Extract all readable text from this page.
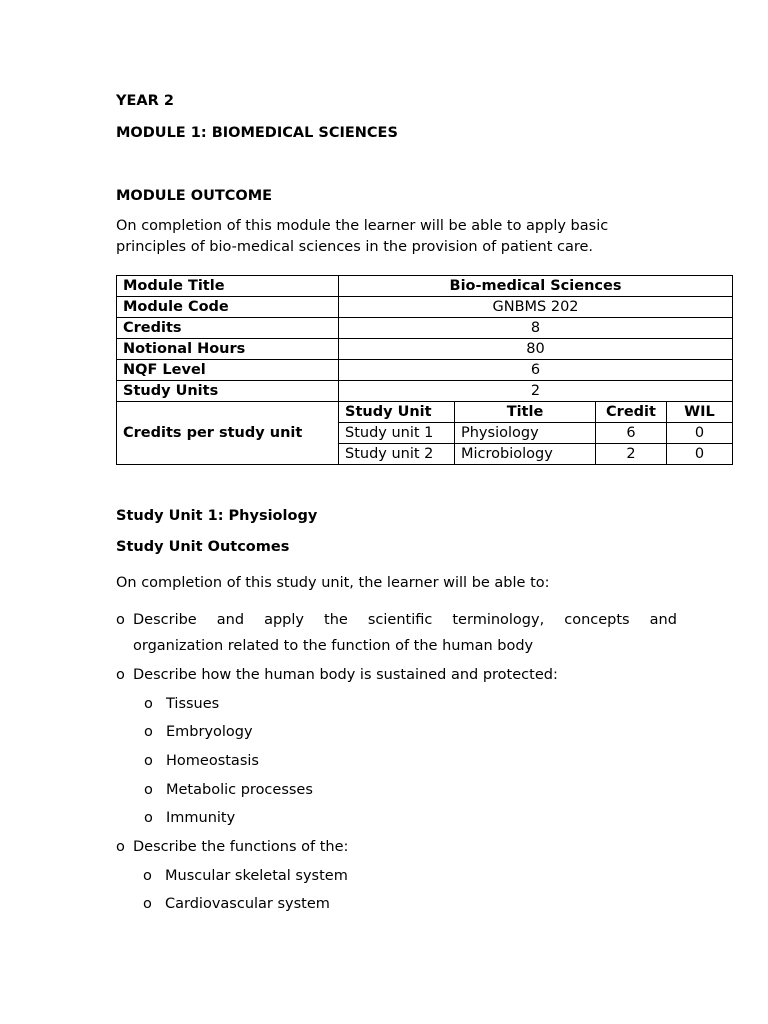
YEAR 2
MODULE 1: BIOMEDICAL SCIENCES
MODULE OUTCOME
On completion of this module the learner will be able to apply basic
principles of bio-medical sciences in the provision of patient care.
Module Title	Bio-medical Sciences
Module Code	GNBMS 202
Credits	8
Notional Hours	80
NQF Level	6
Study Units	2
Credits per study unit	
Study Unit	Title	Credit	WIL
Study unit 1	Physiology	6	0
Study unit 2	Microbiology	2	0
Study Unit 1: Physiology
Study Unit Outcomes
On completion of this study unit, the learner will be able to:
o Describe and apply the scientific terminology, concepts and
organization related to the function of the human body
o Describe how the human body is sustained and protected:
o Tissues
o Embryology
o Homeostasis
o Metabolic processes
o Immunity
o Describe the functions of the:
o Muscular skeletal system
o Cardiovascular system
